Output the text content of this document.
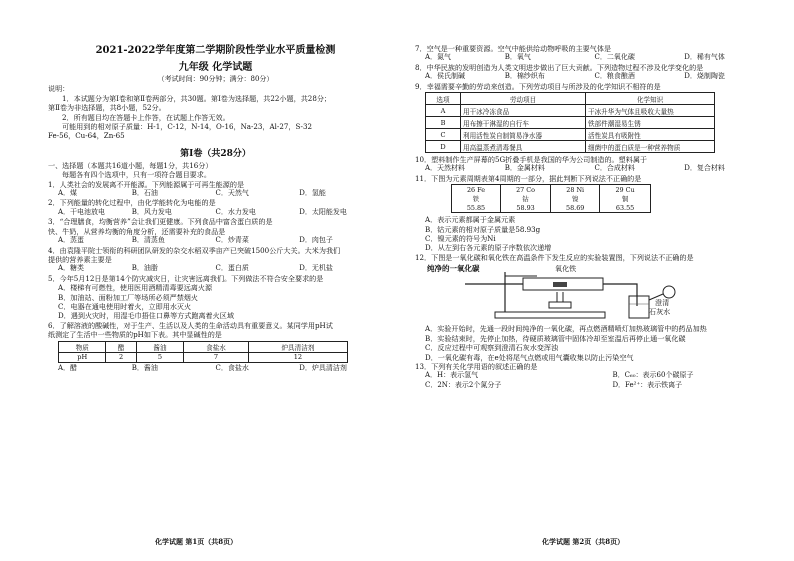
2021-2022学年度第二学期阶段性学业水平质量检测
九年级 化学试题
（考试时间：90分钟；满分：80分）
说明：
1．本试题分为第Ⅰ卷和第Ⅱ卷两部分，共30题。第Ⅰ卷为选择题，共22小题，共28分；
第Ⅱ卷为非选择题，共8小题，52分。
2．所有题目均在答题卡上作答，在试题上作答无效。
可能用到的相对原子质量：H-1，C-12，N-14，O-16，Na-23，Al-27，S-32
Fe-56，Cu-64，Zn-65
第Ⅰ卷（共28分）
一、选择题（本题共16道小题，每题1分，共16分）
每题各有四个选项中，只有一项符合题目要求。
1．人类社会的发展离不开能源。下列能源属于可再生能源的是
A．煤	B．石油	C．天然气	D．氢能
2．下列能量的转化过程中，由化学能转化为电能的是
A．干电池放电	B．风力发电	C．水力发电	D．太阳能发电
3．“合理膳食，均衡营养”会让我们更健康。下列食品中富含蛋白质的是
快、牛奶，从营养均衡的角度分析，还需要补充的食品是
A．蒸蛋	B．清蒸鱼	C．炒青菜	D．肉包子
4．由袁隆平院士领衔的科研团队研发的杂交水稻双季亩产已突破1500公斤大关。大米为我们
提供的营养素主要是
A．糖类	B．油脂	C．蛋白质	D．无机盐
5．今年5月12日是第14个防灾减灾日，让灾害远离我们。下列做法不符合安全要求的是
A．楼梯有可燃性，使用医用酒精清毒要远离火源
B．加油站、面粉加工厂等场所必须严禁烟火
C．电器在通电使用时着火，立即用水灭火
D．遇到火灾时，用湿毛巾捂住口鼻等方式跑离着火区域
6．了解溶液的酸碱性，对于生产、生活以及人类的生命活动具有重要意义。某同学用pH试
纸测定了生活中一些物质的pH如下表。其中显碱性的是
物质	醋	酱油	食盐水	炉具清洁剂
pH	2	5	7	12
A．醋	B．酱油	C．食盐水	D．炉具清洁剂
化学试题 第1页（共8页）
7．空气是一种重要资源。空气中能供给动物呼吸的主要气体是
A．氮气	B．氧气	C．二氧化碳	D．稀有气体
8．中华民族的发明创造为人类文明进步做出了巨大贡献。下列造物过程不涉及化学变化的是
A．侯氏制碱	B．棉纱织布	C．粮食酿酒	D．烧制陶瓷
9．幸福需要辛勤的劳动来创造。下列劳动项目与所涉及的化学知识不相符的是
选项	劳动项目	化学知识
A	用干冰冷冻食品	干冰升华为气体且吸收大量热
B	用布擦干淋湿的自行车	铁部件潮湿易生锈
C	利用活性炭自制简易净水器	活性炭具有吸附性
D	用高温蒸煮清毒餐具	细菌中的蛋白质是一种营养物质
10．塑料制作生产屏幕的5G折叠手机是我国的华为公司制造的。塑料属于
A．天然材料	B．金属材料	C．合成材料	D．复合材料
11．下图为元素周期表第4周期的一部分，据此判断下列说法不正确的是
26 Fe	27 Co	28 Ni	29 Cu
铁	钴	镍	铜
55.85	58.93	58.69	63.55
A．表示元素都属于金属元素
B．钴元素的相对原子质量是58.93g
C．镍元素的符号为Ni
D．从左到右各元素的原子序数依次递增
12．下图是一氧化碳和氧化铁在高温条件下发生反应的实验装置图，下列说法不正确的是
纯净的一氧化碳	氧化铁
澄清
石灰水
A．实验开始时，先通一段时间纯净的一氧化碳，再点燃酒精喷灯加热玻璃管中的药品加热
B．实验结束时，先停止加热，待硬质玻璃管中固体冷却至室温后再停止通一氧化碳
C．反应过程中可观察到澄清石灰水变浑浊
D．一氧化碳有毒，在e处将尾气点燃或用气囊收集以防止污染空气
13．下列有关化学用语的叙述正确的是
A．H：表示氢气	B．C₆₀：表示60个碳原子
C．2N：表示2个氮分子	D．Fe²⁺：表示铁离子
化学试题 第2页（共8页）
